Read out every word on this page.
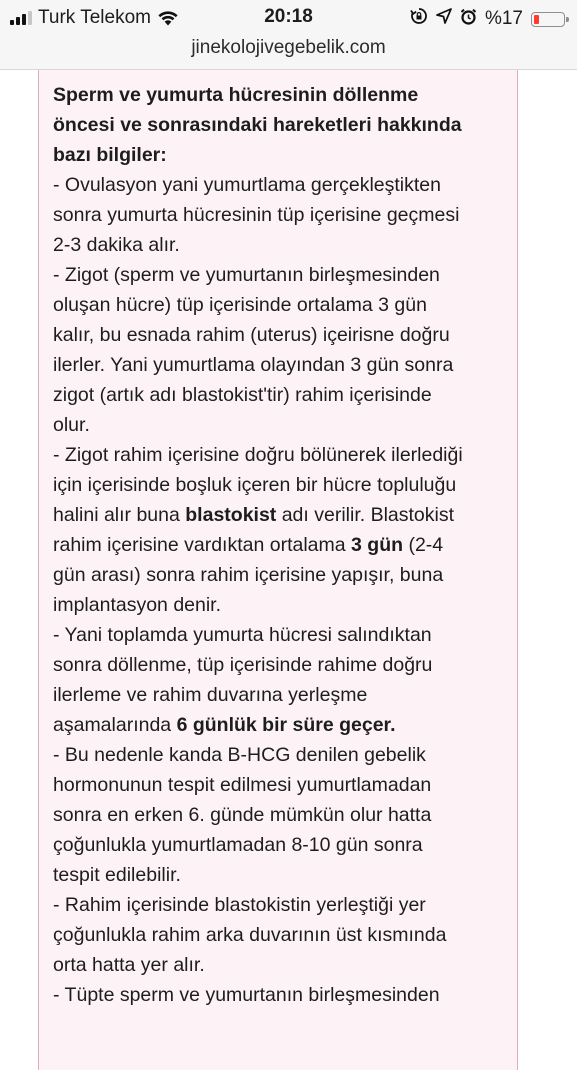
Turk Telekom	20:18	%17
jinekolojivegebelik.com

Sperm ve yumurta hücresinin döllenme

öncesi ve sonrasındaki hareketleri hakkında

bazı bilgiler:

- Ovulasyon yani yumurtlama gerçekleştikten

sonra yumurta hücresinin tüp içerisine geçmesi

2-3 dakika alır.

- Zigot (sperm ve yumurtanın birleşmesinden

oluşan hücre) tüp içerisinde ortalama 3 gün

kalır, bu esnada rahim (uterus) içeirisne doğru

ilerler. Yani yumurtlama olayından 3 gün sonra

zigot (artık adı blastokist'tir) rahim içerisinde

olur.

- Zigot rahim içerisine doğru bölünerek ilerlediği

için içerisinde boşluk içeren bir hücre topluluğu

halini alır buna blastokist adı verilir. Blastokist

rahim içerisine vardıktan ortalama 3 gün (2-4

gün arası) sonra rahim içerisine yapışır, buna

implantasyon denir.

- Yani toplamda yumurta hücresi salındıktan

sonra döllenme, tüp içerisinde rahime doğru

ilerleme ve rahim duvarına yerleşme

aşamalarında 6 günlük bir süre geçer.

- Bu nedenle kanda B-HCG denilen gebelik

hormonunun tespit edilmesi yumurtlamadan

sonra en erken 6. günde mümkün olur hatta

çoğunlukla yumurtlamadan 8-10 gün sonra

tespit edilebilir.

- Rahim içerisinde blastokistin yerleştiği yer

çoğunlukla rahim arka duvarının üst kısmında

orta hatta yer alır.

- Tüpte sperm ve yumurtanın birleşmesinden
